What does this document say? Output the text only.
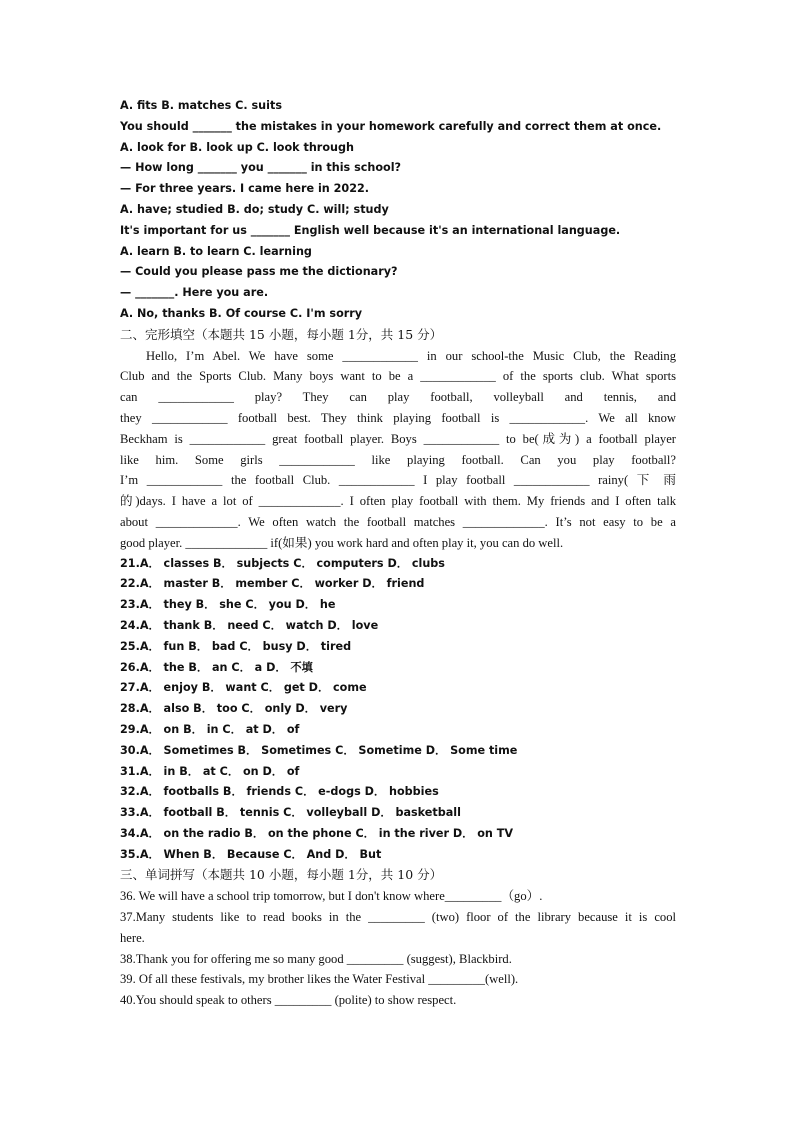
A. fits B. matches C. suits
You should _______ the mistakes in your homework carefully and correct them at once.
A. look for B. look up C. look through
— How long _______ you _______ in this school?
— For three years. I came here in 2022.
A. have; studied B. do; study C. will; study
It's important for us _______ English well because it's an international language.
A. learn B. to learn C. learning
— Could you please pass me the dictionary?
— _______. Here you are.
A. No, thanks B. Of course C. I'm sorry
二、完形填空（本题共 15 小题，每小题 1分，共 15 分）
Hello, I’m Abel. We have some ____________ in our school-the Music Club, the Reading
Club and the Sports Club. Many boys want to be a ____________ of the sports club. What sports
can ____________ play? They can play football, volleyball and tennis, and
they ____________ football best. They think playing football is ____________. We all know
Beckham is ____________ great football player. Boys ____________ to be(成为) a football player
like him. Some girls ____________ like playing football. Can you play football?
I’m ____________ the football Club. ____________ I play football ____________ rainy( 下 雨
的)days. I have a lot of _____________. I often play football with them. My friends and I often talk
about _____________. We often watch the football matches _____________. It’s not easy to be a
good player. _____________ if(如果) you work hard and often play it, you can do well.
21.A． classes B． subjects C． computers D． clubs
22.A． master B． member C． worker D． friend
23.A． they B． she C． you D． he
24.A． thank B． need C． watch D． love
25.A． fun B． bad C． busy D． tired
26.A． the B． an C． a D． 不填
27.A． enjoy B． want C． get D． come
28.A． also B． too C． only D． very
29.A． on B． in C． at D． of
30.A． Sometimes B． Sometimes C． Sometime D． Some time
31.A． in B． at C． on D． of
32.A． footballs B． friends C． e-dogs D． hobbies
33.A． football B． tennis C． volleyball D． basketball
34.A． on the radio B． on the phone C． in the river D． on TV
35.A． When B． Because C． And D． But
三、单词拼写（本题共 10 小题，每小题 1分，共 10 分）
36. We will have a school trip tomorrow, but I don't know where_________（go）.
37.Many students like to read books in the _________ (two) floor of the library because it is cool
here.
38.Thank you for offering me so many good _________ (suggest), Blackbird.
39. Of all these festivals, my brother likes the Water Festival _________(well).
40.You should speak to others _________ (polite) to show respect.
